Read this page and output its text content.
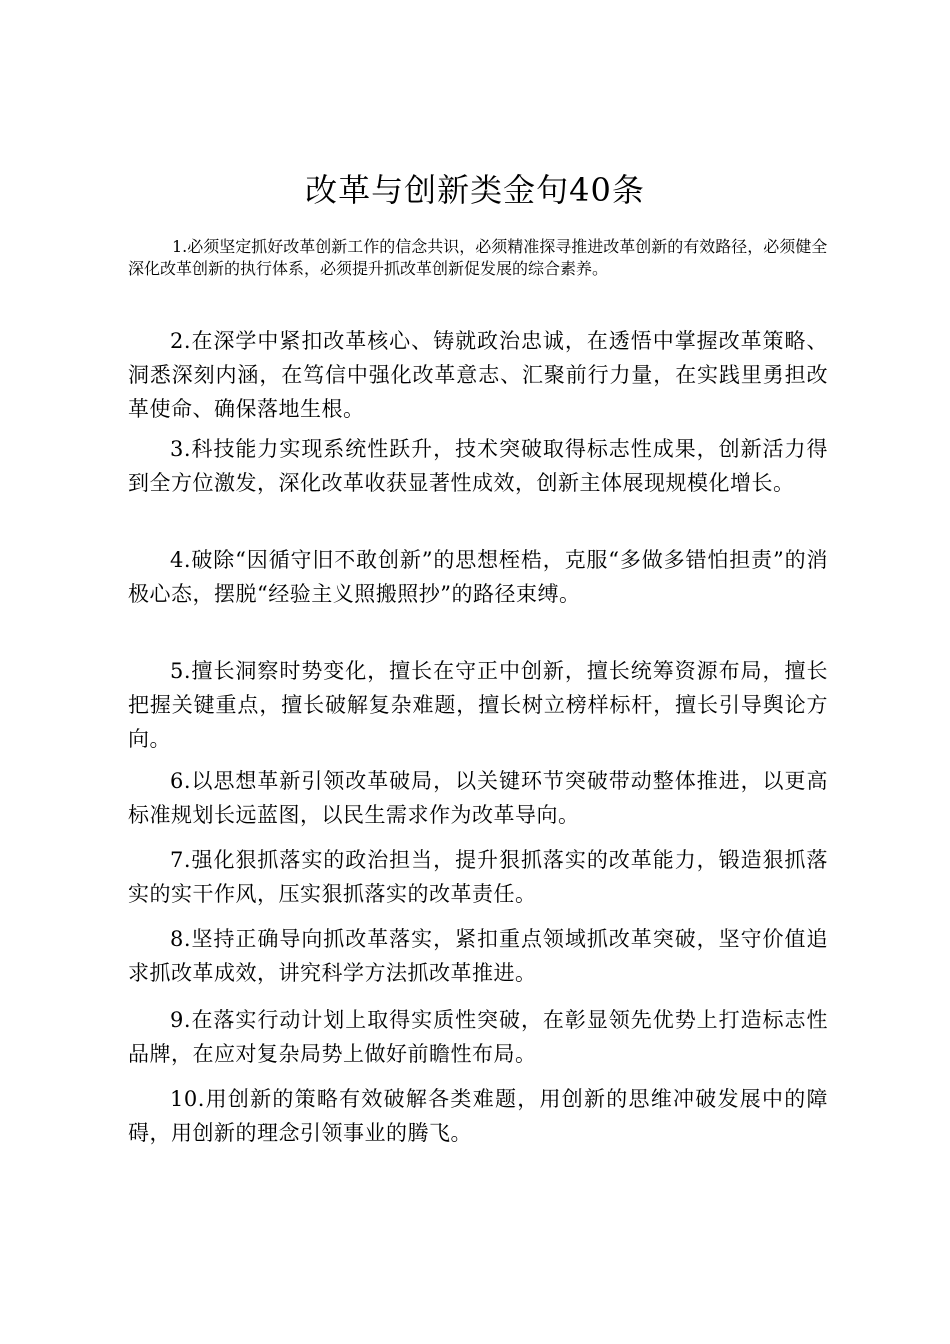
改革与创新类金句40条

1.必须坚定抓好改革创新工作的信念共识，必须精准探寻推进改革创新的有效路径，必须健全深化改革创新的执行体系，必须提升抓改革创新促发展的综合素养。

2.在深学中紧扣改革核心、铸就政治忠诚，在透悟中掌握改革策略、洞悉深刻内涵，在笃信中强化改革意志、汇聚前行力量，在实践里勇担改革使命、确保落地生根。

3.科技能力实现系统性跃升，技术突破取得标志性成果，创新活力得到全方位激发，深化改革收获显著性成效，创新主体展现规模化增长。

4.破除“因循守旧不敢创新”的思想桎梏，克服“多做多错怕担责”的消极心态，摆脱“经验主义照搬照抄”的路径束缚。

5.擅长洞察时势变化，擅长在守正中创新，擅长统筹资源布局，擅长把握关键重点，擅长破解复杂难题，擅长树立榜样标杆，擅长引导舆论方向。

6.以思想革新引领改革破局，以关键环节突破带动整体推进，以更高标准规划长远蓝图，以民生需求作为改革导向。

7.强化狠抓落实的政治担当，提升狠抓落实的改革能力，锻造狠抓落实的实干作风，压实狠抓落实的改革责任。

8.坚持正确导向抓改革落实，紧扣重点领域抓改革突破，坚守价值追求抓改革成效，讲究科学方法抓改革推进。

9.在落实行动计划上取得实质性突破，在彰显领先优势上打造标志性品牌，在应对复杂局势上做好前瞻性布局。

10.用创新的策略有效破解各类难题，用创新的思维冲破发展中的障碍，用创新的理念引领事业的腾飞。
